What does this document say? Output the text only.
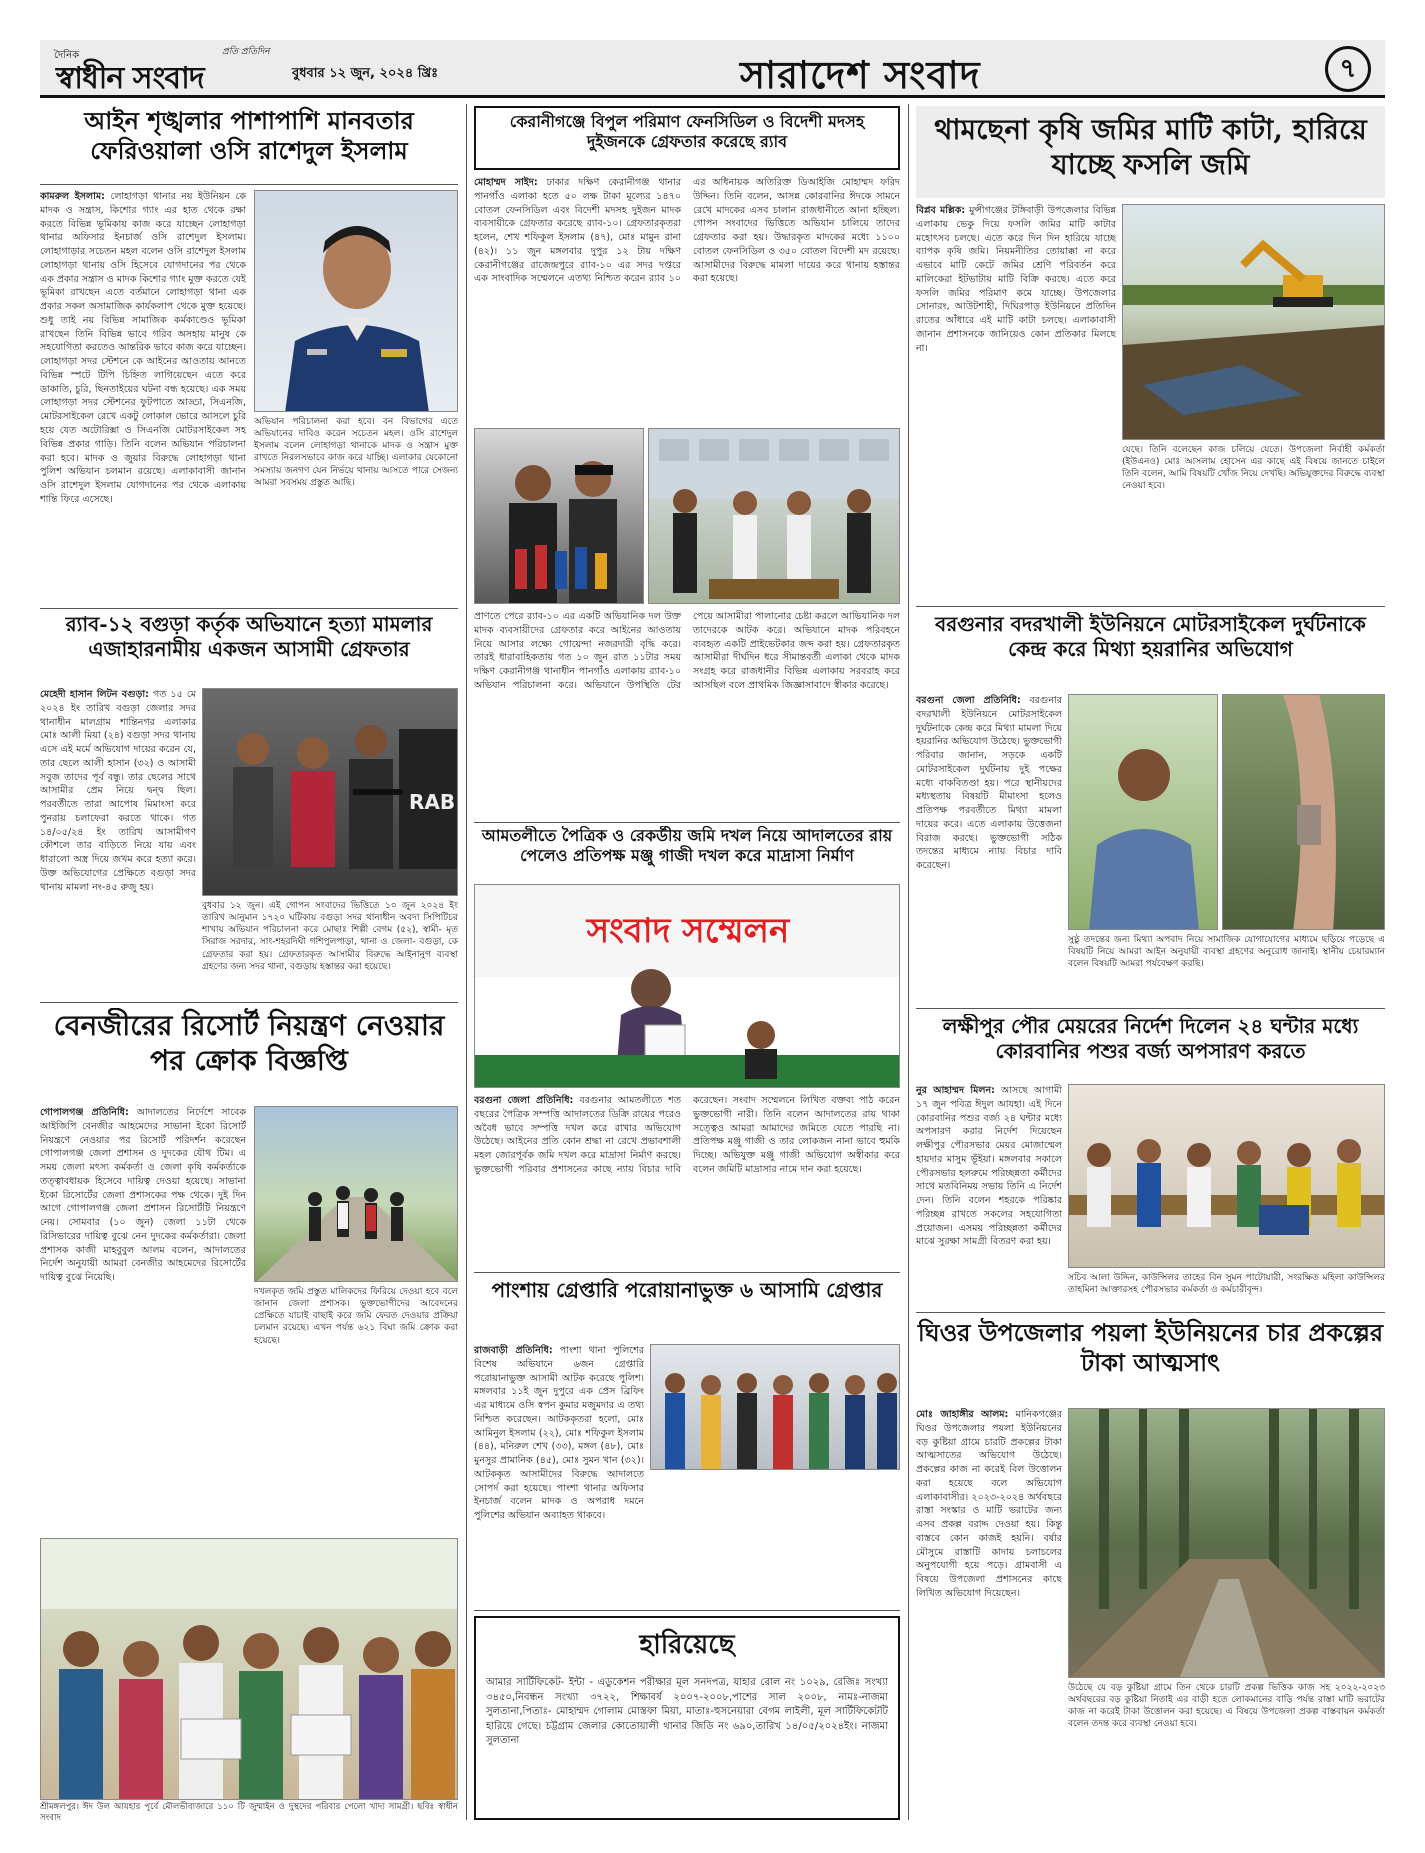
দৈনিক	প্রতি প্রতিদিন
স্বাধীন সংবাদ	বুধবার ১২ জুন, ২০২৪ খ্রিঃ	সারাদেশ সংবাদ	৭
আইন শৃঙ্খলার পাশাপাশি মানবতার ফেরিওয়ালা ওসি রাশেদুল ইসলাম
কামরুল ইসলাম: লোহাগড়া থানার নয় ইউনিয়ন কে মাদক ও সন্ত্রাস, কিশোর গ্যাং এর হাত থেকে রক্ষা করতে বিভিন্ন ভূমিকায় কাজ করে যাচ্ছেন লোহাগড়া থানার অফিসার ইনচার্জ ওসি রাশেদুল ইসলাম। লোহাগাড়ার সচেতন মহল বলেন ওসি রাশেদুল ইসলাম লোহাগড়া থানায় ওসি হিসেবে যোগদানের পর থেকে এক প্রকার সন্ত্রাস ও মাদক কিশোর গ্যাং মুক্ত করতে যেই ভূমিকা রাখছেন এতে বর্তমানে লোহাগড়া থানা এক প্রকার সকল অসামাজিক কার্যকলাপ থেকে মুক্ত হয়েছে। শুধু তাই নয় বিভিন্ন সামাজিক কর্মকাণ্ডেও ভূমিকা রাখছেন তিনি বিভিন্ন ভাবে গরিব অসহায় মানুষ কে সহযোগিতা করতেও আন্তরিক ভাবে কাজ করে যাচ্ছেন। লোহাগড়া সদর স্টেশনে কে আইনের আওতায় আনতে বিভিন্ন স্পটে টিপি চিহ্নিত লাগিয়েছেন এতে করে ডাকাতি, চুরি, ছিনতাইয়ের ঘটনা বন্ধ হয়েছে। এক সময় লোহাগড়া সদর স্টেশনের ফুটপাতে আড্ডা, সিএনজি, মোটরসাইকেল রেখে একটু লোকাল ভোরে আসলে চুরি হয়ে যেত অটোরিক্সা ও সিএনজি মোটরসাইকেল সহ বিভিন্ন প্রকার গাড়ি। তিনি বলেন অভিযান পরিচালনা করা হবে। মাদক ও জুয়ার বিরুদ্ধে লোহাগড়া থানা পুলিশ অভিযান চলমান রয়েছে। এলাকাবাসী জানান ওসি রাশেদুল ইসলাম যোগদানের পর থেকে এলাকায় শান্তি ফিরে এসেছে।
অভিযান পরিচালনা করা হবে। বন বিভাগের এতে অভিযানের দাবিও করেন সচেতন মহল। ওসি রাশেদুল ইসলাম বলেন লোহাগড়া থানাকে মাদক ও সন্ত্রাস মুক্ত রাখতে নিরলসভাবে কাজ করে যাচ্ছি। এলাকার যেকোনো সমস্যায় জনগণ যেন নির্ভয়ে থানায় আসতে পারে সেজন্য আমরা সবসময় প্রস্তুত আছি।
র‍্যাব-১২ বগুড়া কর্তৃক অভিযানে হত্যা মামলার এজাহারনামীয় একজন আসামী গ্রেফতার
মেহেদী হাসান লিটন বগুড়া: গত ১৫ মে ২০২৪ ইং তারিখ বগুড়া জেলার সদর থানাধীন মালগ্রাম শান্তিনগর এলাকার মোঃ আলী মিয়া (২৪) বগুড়া সদর থানায় এসে এই মর্মে অভিযোগ দায়ের করেন যে, তার ছেলে আলী হাসান (৩২) ও আসামী সবুজ তাদের পূর্ব বন্ধু। তার ছেলের সাথে আসামীর প্রেম নিয়ে দ্বন্দ্ব ছিল। পরবর্তীতে তারা আপোষ মিমাংসা করে পুনরায় চলাফেরা করতে থাকে। গত ১৪/০৫/২৪ ইং তারিখ আসামীগণ কৌশলে তার বাড়িতে নিয়ে যায় এবং ধারালো অস্ত্র দিয়ে জখম করে হত্যা করে। উক্ত অভিযোগের প্রেক্ষিতে বগুড়া সদর থানায় মামলা নং-৪৫ রুজু হয়।
RAB
বুধবার ১২ জুন। এই গোপন সংবাদের ভিত্তিতে ১০ জুন ২০২৪ ইং তারিখ আনুমান ১৭২০ ঘটিকায় বগুড়া সদর থানাধীন অবদা সিপিটিচর শাখায় অভিযান পরিচালনা করে মোছাঃ শিল্পী বেগম (৫২), স্বামী- মৃত সিরাজ সরদার, সাং-শহরদিঘী গশিপুলপাড়া, থানা ও জেলা- বগুড়া, কে গ্রেফতার করা হয়। গ্রেফতারকৃত আসামীর বিরুদ্ধে আইনানুগ ব্যবস্থা গ্রহণের জন্য সদর থানা, বগুড়ায় হস্তান্তর করা হয়েছে।
বেনজীরের রিসোর্ট নিয়ন্ত্রণ নেওয়ার পর ক্রোক বিজ্ঞপ্তি
গোপালগঞ্জ প্রতিনিধি: আদালতের নির্দেশে সাবেক আইজিপি বেনজীর আহমেদের সাভানা ইকো রিসোর্ট নিয়ন্ত্রণে নেওয়ার পর রিসোর্ট পরিদর্শন করেছেন গোপালগঞ্জ জেলা প্রশাসন ও দুদকের যৌথ টিম। এ সময় জেলা মৎস্য কর্মকর্তা ও জেলা কৃষি কর্মকর্তাকে তত্ত্বাবধায়ক হিসেবে দায়িত্ব দেওয়া হয়েছে। সাভানা ইকো রিসোর্টের জেলা প্রশাসকের পক্ষ থেকে। দুই দিন আগে গোপালগঞ্জ জেলা প্রশাসন রিসোর্টটি নিয়ন্ত্রণে নেয়। সোমবার (১০ জুন) জেলা ১১টা থেকে রিসিভারের দায়িত্ব বুঝে নেন দুদকের কর্মকর্তারা। জেলা প্রশাসক কাজী মাহবুবুল আলম বলেন, আদালতের নির্দেশ অনুযায়ী আমরা বেনজীর আহমেদের রিসোর্টের দায়িত্ব বুঝে নিয়েছি।
দখলকৃত জমি প্রস্তুত মালিকদের ফিরিয়ে দেওয়া হবে বলে জানান জেলা প্রশাসক। ভুক্তভোগীদের আবেদনের প্রেক্ষিতে যাচাই বাছাই করে জমি ফেরত দেওয়ার প্রক্রিয়া চলমান রয়েছে। এখন পর্যন্ত ৬২১ বিঘা জমি ক্রোক করা হয়েছে।
শ্রীমঙ্গলপুর। ঈদ উল আযহার পূর্বে মৌলভীবাজারে ১১০ টি জুম্মাইন ও দুস্থদের পরিবার পেলো খাদ্য সামগ্রী। ছবিঃ স্বাধীন সংবাদ
কেরানীগঞ্জে বিপুল পরিমাণ ফেনসিডিল ও বিদেশী মদসহ দুইজনকে গ্রেফতার করেছে র‍্যাব
মোহাম্মদ সাইদ: ঢাকার দক্ষিণ কেরানীগঞ্জ থানার পানগাঁও এলাকা হতে ৫০ লক্ষ টাকা মূল্যের ১৪৭০ বোতল ফেনসিডিল এবং বিদেশী মদসহ দুইজন মাদক ব্যবসায়ীকে গ্রেফতার করেছে র‍্যাব-১০। গ্রেফতারকৃতরা হলেন, শেখ শফিকুল ইসলাম (৪৭), মোঃ মামুন রানা (৪২)। ১১ জুন মঙ্গলবার দুপুর ১২ টায় দক্ষিণ কেরানীগঞ্জের রাজেন্দ্রপুরে র‍্যাব-১০ এর সদর দপ্তরে এক সাংবাদিক সম্মেলনে এতথ্য নিশ্চিত করেন র‍্যাব ১০ এর অধিনায়ক অতিরিক্ত ডিআইজি মোহাম্মদ ফরিদ উদ্দিন। তিনি বলেন, আসন্ন কোরবানির ঈদকে সামনে রেখে মাদকের এসব চালান রাজধানীতে আনা হচ্ছিল। গোপন সংবাদের ভিত্তিতে অভিযান চালিয়ে তাদের গ্রেফতার করা হয়। উদ্ধারকৃত মাদকের মধ্যে ১১০০ বোতল ফেনসিডিল ও ৩৫০ বোতল বিদেশী মদ রয়েছে। আসামীদের বিরুদ্ধে মামলা দায়ের করে থানায় হস্তান্তর করা হয়েছে।
প্রাণতে পেরে র‍্যাব-১০ এর একটি অভিযানিক দল উক্ত মাদক ব্যবসায়ীদের গ্রেফতার করে আইনের আওতায় নিয়ে আসার লক্ষ্যে গোয়েন্দা নজরদারী বৃদ্ধি করে। তারই ধারাবাহিকতায় গত ১০ জুন রাত ১১টার সময় দক্ষিণ কেরানীগঞ্জ থানাধীন পানগাঁও এলাকায় র‍্যাব-১০ অভিযান পরিচালনা করে। অভিযানে উপস্থিতি টের পেয়ে আসামীরা পালানোর চেষ্টা করলে আভিযানিক দল তাদেরকে আটক করে। অভিযানে মাদক পরিবহনে ব্যবহৃত একটি প্রাইভেটকার জব্দ করা হয়। গ্রেফতারকৃত আসামীরা দীর্ঘদিন ধরে সীমান্তবর্তী এলাকা থেকে মাদক সংগ্রহ করে রাজধানীর বিভিন্ন এলাকায় সরবরাহ করে আসছিল বলে প্রাথমিক জিজ্ঞাসাবাদে স্বীকার করেছে।
আমতলীতে পৈত্রিক ও রেকর্ডীয় জমি দখল নিয়ে আদালতের রায় পেলেও প্রতিপক্ষ মঞ্জু গাজী দখল করে মাদ্রাসা নির্মাণ
সংবাদ সম্মেলন
বরগুনা জেলা প্রতিনিধি: বরগুনার আমতলীতে শত বছরের পৈত্রিক সম্পত্তি আদালতের ডিক্রি রায়ের পরেও অবৈধ ভাবে সম্পত্তি দখল করে রাখার অভিযোগ উঠেছে। আইনের প্রতি কোন শ্রদ্ধা না রেখে প্রভাবশালী মহল জোরপূর্বক জমি দখল করে মাদ্রাসা নির্মাণ করছে। ভুক্তভোগী পরিবার প্রশাসনের কাছে ন্যায় বিচার দাবি করেছেন। সংবাদ সম্মেলনে লিখিত বক্তব্য পাঠ করেন ভুক্তভোগী নারী। তিনি বলেন আদালতের রায় থাকা সত্ত্বেও আমরা আমাদের জমিতে যেতে পারছি না। প্রতিপক্ষ মঞ্জু গাজী ও তার লোকজন নানা ভাবে হুমকি দিচ্ছে। অভিযুক্ত মঞ্জু গাজী অভিযোগ অস্বীকার করে বলেন জমিটি মাদ্রাসার নামে দান করা হয়েছে।
পাংশায় গ্রেপ্তারি পরোয়ানাভুক্ত ৬ আসামি গ্রেপ্তার
রাজবাড়ী প্রতিনিধি: পাংশা থানা পুলিশের বিশেষ অভিযানে ৬জন গ্রেপ্তারি পরোয়ানাভুক্ত আসামী আটক করেছে পুলিশ। মঙ্গলবার ১১ই জুন দুপুরে এক প্রেস ব্রিফিং এর মাধ্যমে ওসি স্বপন কুমার মজুমদার এ তথ্য নিশ্চিত করেছেন। আটককৃতরা হলো, মোঃ আমিনুল ইসলাম (২২), মোঃ শফিকুল ইসলাম (৪৪), মনিরুল শেখ (৩৩), মঙ্গল (৪৮), মোঃ মুনসুর প্রামানিক (৪৫), মোঃ সুমন খান (৩২)। আটককৃত আসামীদের বিরুদ্ধে আদালতে সোপর্দ করা হয়েছে। পাংশা থানার অফিসার ইনচার্জ বলেন মাদক ও অপরাধ দমনে পুলিশের অভিযান অব্যাহত থাকবে।
হারিয়েছে
আমার সার্টিফিকেট- ইন্টা - এডুকেশন পরীক্ষার মূল সনদপত্র, যাহার রোল নং ১০২৯, রেজিঃ সংখ্যা ৩৪৫০,নিবন্ধন সংখ্যা ৩৭২২, শিক্ষাবর্ষ ২০০৭-২০০৮,পাশের সাল ২০০৮, নামঃ-নাজমা সুলতানা,পিতাঃ- মোহাম্মদ গোলাম মোস্তফা মিয়া, মাতাঃ-হুসনেয়ারা বেগম লাইলী, মূল সার্টিফিকেটটি হারিয়ে গেছে। চট্টগ্রাম জেলার কোতোয়ালী থানার জিডি নং ৬৯০,তারিখ ১৪/০৫/২০২৪ইং। নাজমা সুলতানা
থামছেনা কৃষি জমির মাটি কাটা, হারিয়ে যাচ্ছে ফসলি জমি
বিপ্লব মল্লিক: মুন্সীগঞ্জের টঙ্গিবাড়ী উপজেলার বিভিন্ন এলাকায় ভেকু দিয়ে ফসলি জমির মাটি কাটার মহোৎসব চলছে। এতে করে দিন দিন হারিয়ে যাচ্ছে ব্যাপক কৃষি জমি। নিয়মনীতির তোয়াক্কা না করে এভাবে মাটি কেটে জমির শ্রেণি পরিবর্তন করে মালিকেরা ইটভাটায় মাটি বিক্রি করছে। এতে করে ফসলি জমির পরিমাণ কমে যাচ্ছে। উপজেলার সোনারং, আউটশাহী, দিঘিরপাড় ইউনিয়নে প্রতিদিন রাতের আঁধারে এই মাটি কাটা চলছে। এলাকাবাসী জানান প্রশাসনকে জানিয়েও কোন প্রতিকার মিলছে না।
যেছে। তিনি বলেছেন কাজ চলিয়ে যেতে। উপজেলা নির্বাহী কর্মকর্তা (ইউএনও) মোঃ আসলাম হোসেন এর কাছে এই বিষয়ে জানতে চাইলে তিনি বলেন, আমি বিষয়টি খোঁজ নিয়ে দেখছি। অভিযুক্তদের বিরুদ্ধে ব্যবস্থা নেওয়া হবে।
বরগুনার বদরখালী ইউনিয়নে মোটরসাইকেল দুর্ঘটনাকে কেন্দ্র করে মিথ্যা হয়রানির অভিযোগ
বরগুনা জেলা প্রতিনিধি: বরগুনার বদরখালী ইউনিয়নে মোটরসাইকেল দুর্ঘটনাকে কেন্দ্র করে মিথ্যা মামলা দিয়ে হয়রানির অভিযোগ উঠেছে। ভুক্তভোগী পরিবার জানান, সড়কে একটি মোটরসাইকেল দুর্ঘটনায় দুই পক্ষের মধ্যে বাকবিতণ্ডা হয়। পরে স্থানীয়দের মধ্যস্থতায় বিষয়টি মীমাংসা হলেও প্রতিপক্ষ পরবর্তীতে মিথ্যা মামলা দায়ের করে। এতে এলাকায় উত্তেজনা বিরাজ করছে। ভুক্তভোগী সঠিক তদন্তের মাধ্যমে ন্যায় বিচার দাবি করেছেন।
সুষ্ঠু তদন্তের জন্য মিথ্যা অপবাদ নিয়ে সামাজিক যোগাযোগের মাধ্যমে ছড়িয়ে পড়েছে এ বিষয়টি নিয়ে আমরা আইন অনুযায়ী ব্যবস্থা গ্রহণের অনুরোধ জানাই। স্থানীয় চেয়ারম্যান বলেন বিষয়টি আমরা পর্যবেক্ষণ করছি।
লক্ষীপুর পৌর মেয়রের নির্দেশ দিলেন ২৪ ঘন্টার মধ্যে কোরবানির পশুর বর্জ্য অপসারণ করতে
নুর আহাম্মদ মিলন: আসছে আগামী ১৭ জুন পবিত্র ঈদুল আযহা। এই দিনে কোরবানির পশুর বর্জ্য ২৪ ঘন্টার মধ্যে অপসারণ করার নির্দেশ দিয়েছেন লক্ষীপুর পৌরসভার মেয়র মোজাম্মেল হায়দার মাসুম ভূঁইয়া। মঙ্গলবার সকালে পৌরসভার হলরুমে পরিচ্ছন্নতা কর্মীদের সাথে মতবিনিময় সভায় তিনি এ নির্দেশ দেন। তিনি বলেন শহরকে পরিষ্কার পরিচ্ছন্ন রাখতে সকলের সহযোগিতা প্রয়োজন। এসময় পরিচ্ছন্নতা কর্মীদের মাঝে সুরক্ষা সামগ্রী বিতরণ করা হয়।
সচিব আলা উদ্দিন, কাউন্সিলর তাহের বিন সুমন পাটোয়ারী, সংরক্ষিত মহিলা কাউন্সিলর তাহমিনা আক্তারসহ পৌরসভার কর্মকর্তা ও কর্মচারীবৃন্দ।
ঘিওর উপজেলার পয়লা ইউনিয়নের চার প্রকল্পের টাকা আত্মসাৎ
মোঃ জাহাঙ্গীর আলম: মানিকগঞ্জের ঘিওর উপজেলার পয়লা ইউনিয়নের বড় কুষ্টিয়া গ্রামে চারটি প্রকল্পের টাকা আত্মসাতের অভিযোগ উঠেছে। প্রকল্পের কাজ না করেই বিল উত্তোলন করা হয়েছে বলে অভিযোগ এলাকাবাসীর। ২০২৩-২০২৪ অর্থবছরে রাস্তা সংস্কার ও মাটি ভরাটের জন্য এসব প্রকল্প বরাদ্দ দেওয়া হয়। কিন্তু বাস্তবে কোন কাজই হয়নি। বর্ষার মৌসুমে রাস্তাটি কাদায় চলাচলের অনুপযোগী হয়ে পড়ে। গ্রামবাসী এ বিষয়ে উপজেলা প্রশাসনের কাছে লিখিত অভিযোগ দিয়েছেন।
উঠেছে যে বড় কুষ্টিয়া গ্রামে তিন থেকে চারটি প্রকল্প ভিত্তিক কাজ সহ ২০২২-২০২৩ অর্থবছরের বড় কুষ্টিয়া নিতাই এর বাড়ী হতে লোকমানের বাড়ি পর্যন্ত রাস্তা মাটি ভরাটের কাজ না করেই টাকা উত্তোলন করা হয়েছে। এ বিষয়ে উপজেলা প্রকল্প বাস্তবায়ন কর্মকর্তা বলেন তদন্ত করে ব্যবস্থা নেওয়া হবে।
